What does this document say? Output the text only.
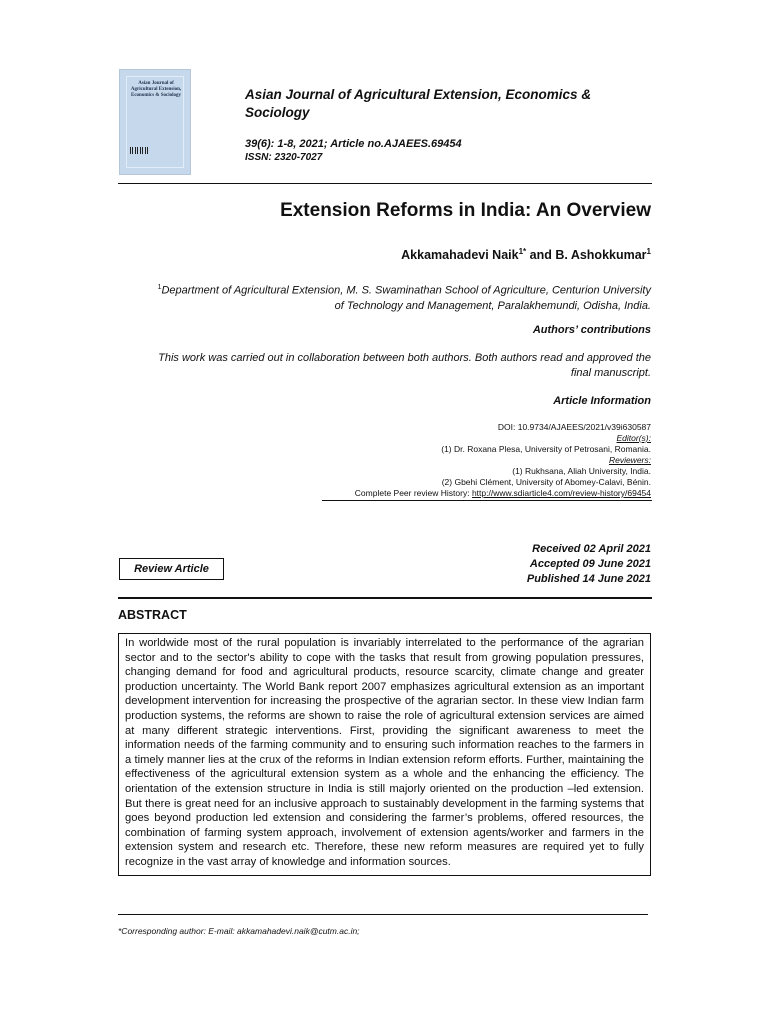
Asian Journal of Agricultural Extension, Economics & Sociology	Asian Journal of Agricultural Extension, Economics & Sociology
39(6): 1-8, 2021; Article no.AJAEES.69454
ISSN: 2320-7027
Extension Reforms in India: An Overview
Akkamahadevi Naik$^{1*}$ and B. Ashokkumar$^1$
$^1$Department of Agricultural Extension, M. S. Swaminathan School of Agriculture, Centurion University
of Technology and Management, Paralakhemundi, Odisha, India.
Authors’ contributions
This work was carried out in collaboration between both authors. Both authors read and approved the
final manuscript.
Article Information
DOI: 10.9734/AJAEES/2021/v39i630587
Editor(s):
(1) Dr. Roxana Plesa, University of Petrosani, Romania.
Reviewers:
(1) Rukhsana, Aliah University, India.
(2) Gbehi Clément, University of Abomey-Calavi, Bénin.
Complete Peer review History: http://www.sdiarticle4.com/review-history/69454
Review Article
Received 02 April 2021
Accepted 09 June 2021
Published 14 June 2021
ABSTRACT
In worldwide most of the rural population is invariably interrelated to the performance of the agrarian sector and to the sector's ability to cope with the tasks that result from growing population pressures, changing demand for food and agricultural products, resource scarcity, climate change and greater production uncertainty. The World Bank report 2007 emphasizes agricultural extension as an important development intervention for increasing the prospective of the agrarian sector. In these view Indian farm production systems, the reforms are shown to raise the role of agricultural extension services are aimed at many different strategic interventions. First, providing the significant awareness to meet the information needs of the farming community and to ensuring such information reaches to the farmers in a timely manner lies at the crux of the reforms in Indian extension reform efforts. Further, maintaining the effectiveness of the agricultural extension system as a whole and the enhancing the efficiency. The orientation of the extension structure in India is still majorly oriented on the production –led extension. But there is great need for an inclusive approach to sustainably development in the farming systems that goes beyond production led extension and considering the farmer’s problems, offered resources, the combination of farming system approach, involvement of extension agents/worker and farmers in the extension system and research etc. Therefore, these new reform measures are required yet to fully recognize in the vast array of knowledge and information sources.
*Corresponding author: E-mail: akkamahadevi.naik@cutm.ac.in;
